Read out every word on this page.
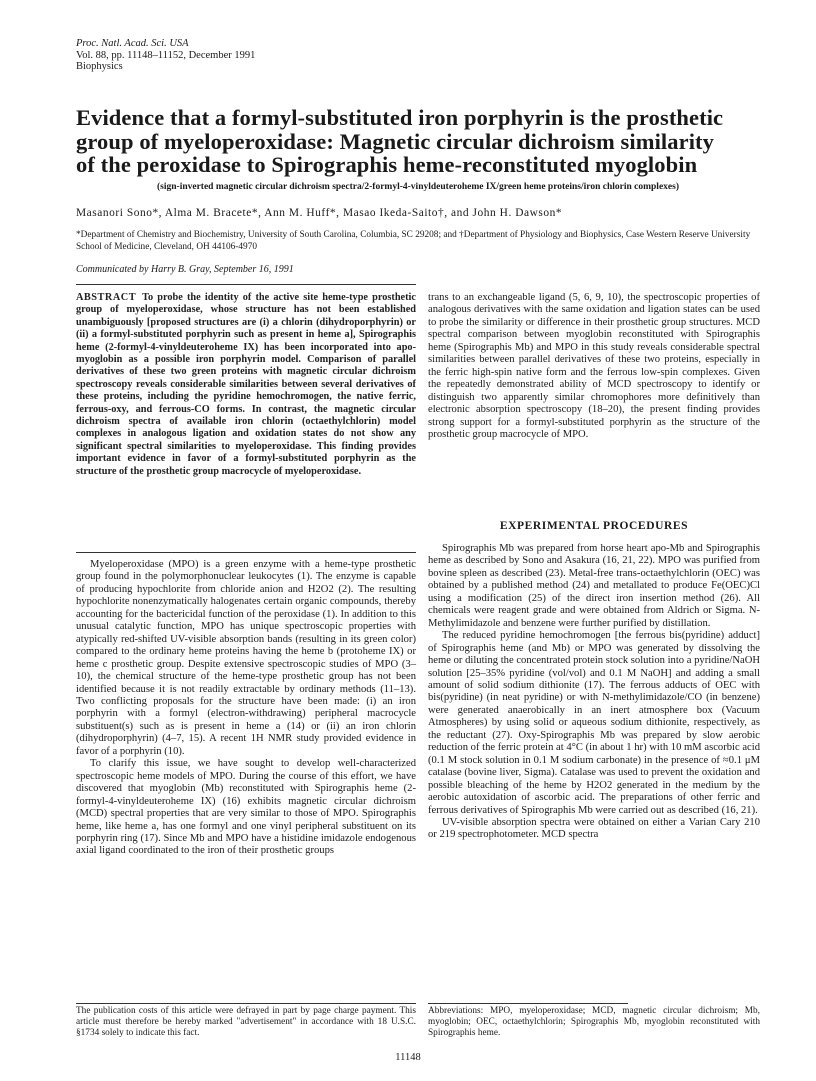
Proc. Natl. Acad. Sci. USA
Vol. 88, pp. 11148–11152, December 1991
Biophysics
Evidence that a formyl-substituted iron porphyrin is the prosthetic group of myeloperoxidase: Magnetic circular dichroism similarity of the peroxidase to Spirographis heme-reconstituted myoglobin

(sign-inverted magnetic circular dichroism spectra/2-formyl-4-vinyldeuteroheme IX/green heme proteins/iron chlorin complexes)

Masanori Sono*, Alma M. Bracete*, Ann M. Huff*, Masao Ikeda-Saito†, and John H. Dawson*

*Department of Chemistry and Biochemistry, University of South Carolina, Columbia, SC 29208; and †Department of Physiology and Biophysics, Case Western Reserve University School of Medicine, Cleveland, OH 44106-4970

Communicated by Harry B. Gray, September 16, 1991

ABSTRACT To probe the identity of the active site heme-type prosthetic group of myeloperoxidase, whose structure has not been established unambiguously [proposed structures are (i) a chlorin (dihydroporphyrin) or (ii) a formyl-substituted porphyrin such as present in heme a], Spirographis heme (2-formyl-4-vinyldeuteroheme IX) has been incorporated into apo-myoglobin as a possible iron porphyrin model. Comparison of parallel derivatives of these two green proteins with magnetic circular dichroism spectroscopy reveals considerable similarities between several derivatives of these proteins, including the pyridine hemochromogen, the native ferric, ferrous-oxy, and ferrous-CO forms. In contrast, the magnetic circular dichroism spectra of available iron chlorin (octaethylchlorin) model complexes in analogous ligation and oxidation states do not show any significant spectral similarities to myeloperoxidase. This finding provides important evidence in favor of a formyl-substituted porphyrin as the structure of the prosthetic group macrocycle of myeloperoxidase.

Myeloperoxidase (MPO) is a green enzyme with a heme-type prosthetic group found in the polymorphonuclear leukocytes (1). The enzyme is capable of producing hypochlorite from chloride anion and H2O2 (2). The resulting hypochlorite nonenzymatically halogenates certain organic compounds, thereby accounting for the bactericidal function of the peroxidase (1). In addition to this unusual catalytic function, MPO has unique spectroscopic properties with atypically red-shifted UV-visible absorption bands (resulting in its green color) compared to the ordinary heme proteins having the heme b (protoheme IX) or heme c prosthetic group. Despite extensive spectroscopic studies of MPO (3–10), the chemical structure of the heme-type prosthetic group has not been identified because it is not readily extractable by ordinary methods (11–13). Two conflicting proposals for the structure have been made: (i) an iron porphyrin with a formyl (electron-withdrawing) peripheral macrocycle substituent(s) such as is present in heme a (14) or (ii) an iron chlorin (dihydroporphyrin) (4–7, 15). A recent 1H NMR study provided evidence in favor of a porphyrin (10).

To clarify this issue, we have sought to develop well-characterized spectroscopic heme models of MPO. During the course of this effort, we have discovered that myoglobin (Mb) reconstituted with Spirographis heme (2-formyl-4-vinyldeuteroheme IX) (16) exhibits magnetic circular dichroism (MCD) spectral properties that are very similar to those of MPO. Spirographis heme, like heme a, has one formyl and one vinyl peripheral substituent on its porphyrin ring (17). Since Mb and MPO have a histidine imidazole endogenous axial ligand coordinated to the iron of their prosthetic groups

trans to an exchangeable ligand (5, 6, 9, 10), the spectroscopic properties of analogous derivatives with the same oxidation and ligation states can be used to probe the similarity or difference in their prosthetic group structures. MCD spectral comparison between myoglobin reconstituted with Spirographis heme (Spirographis Mb) and MPO in this study reveals considerable spectral similarities between parallel derivatives of these two proteins, especially in the ferric high-spin native form and the ferrous low-spin complexes. Given the repeatedly demonstrated ability of MCD spectroscopy to identify or distinguish two apparently similar chromophores more definitively than electronic absorption spectroscopy (18–20), the present finding provides strong support for a formyl-substituted porphyrin as the structure of the prosthetic group macrocycle of MPO.

EXPERIMENTAL PROCEDURES

Spirographis Mb was prepared from horse heart apo-Mb and Spirographis heme as described by Sono and Asakura (16, 21, 22). MPO was purified from bovine spleen as described (23). Metal-free trans-octaethylchlorin (OEC) was obtained by a published method (24) and metallated to produce Fe(OEC)Cl using a modification (25) of the direct iron insertion method (26). All chemicals were reagent grade and were obtained from Aldrich or Sigma. N-Methylimidazole and benzene were further purified by distillation.

The reduced pyridine hemochromogen [the ferrous bis(pyridine) adduct] of Spirographis heme (and Mb) or MPO was generated by dissolving the heme or diluting the concentrated protein stock solution into a pyridine/NaOH solution [25–35% pyridine (vol/vol) and 0.1 M NaOH] and adding a small amount of solid sodium dithionite (17). The ferrous adducts of OEC with bis(pyridine) (in neat pyridine) or with N-methylimidazole/CO (in benzene) were generated anaerobically in an inert atmosphere box (Vacuum Atmospheres) by using solid or aqueous sodium dithionite, respectively, as the reductant (27). Oxy-Spirographis Mb was prepared by slow aerobic reduction of the ferric protein at 4°C (in about 1 hr) with 10 mM ascorbic acid (0.1 M stock solution in 0.1 M sodium carbonate) in the presence of ≈0.1 μM catalase (bovine liver, Sigma). Catalase was used to prevent the oxidation and possible bleaching of the heme by H2O2 generated in the medium by the aerobic autoxidation of ascorbic acid. The preparations of other ferric and ferrous derivatives of Spirographis Mb were carried out as described (16, 21).

UV-visible absorption spectra were obtained on either a Varian Cary 210 or 219 spectrophotometer. MCD spectra

The publication costs of this article were defrayed in part by page charge payment. This article must therefore be hereby marked "advertisement" in accordance with 18 U.S.C. §1734 solely to indicate this fact.

Abbreviations: MPO, myeloperoxidase; MCD, magnetic circular dichroism; Mb, myoglobin; OEC, octaethylchlorin; Spirographis Mb, myoglobin reconstituted with Spirographis heme.

11148
